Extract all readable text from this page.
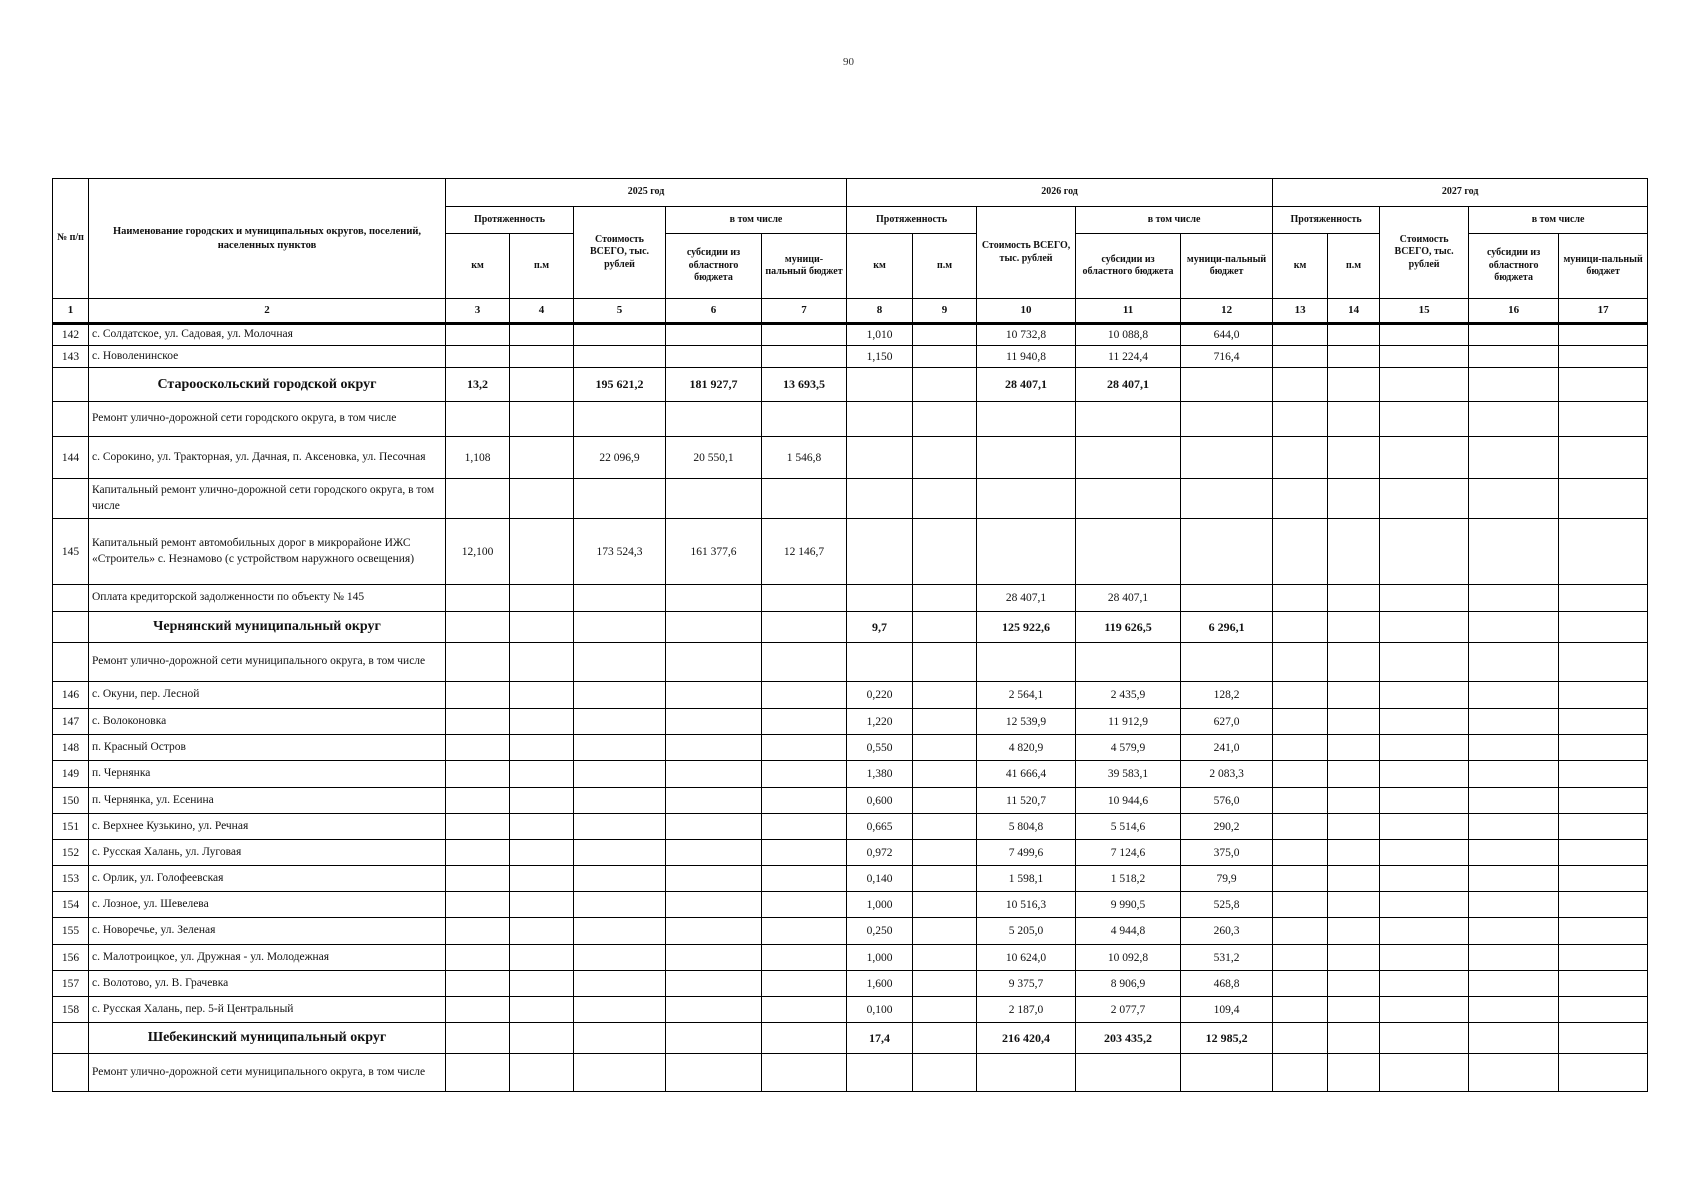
90
№ п/п	Наименование городских и муниципальных округов, поселений, населенных пунктов	2025 год					2026 год					2027 год				
		Протяженность		Стоимость ВСЕГО, тыс. рублей	в том числе		Протяженность		Стоимость ВСЕГО, тыс. рублей	в том числе		Протяженность		Стоимость ВСЕГО, тыс. рублей	в том числе	
		км	п.м		субсидии из областного бюджета	муници-пальный бюджет	км	п.м		субсидии из областного бюджета	муници-пальный бюджет	км	п.м		субсидии из областного бюджета	муници-пальный бюджет
1	2	3	4	5	6	7	8	9	10	11	12	13	14	15	16	17
142	с. Солдатское, ул. Садовая, ул. Молочная						1,010		10 732,8	10 088,8	644,0					
143	с. Новоленинское						1,150		11 940,8	11 224,4	716,4					
	Старооскольский городской округ	13,2		195 621,2	181 927,7	13 693,5			28 407,1	28 407,1						
	Ремонт улично-дорожной сети городского округа, в том числе															
144	с. Сорокино, ул. Тракторная, ул. Дачная, п. Аксеновка, ул. Песочная	1,108		22 096,9	20 550,1	1 546,8										
	Капитальный ремонт улично-дорожной сети городского округа, в том числе															
145	Капитальный ремонт автомобильных дорог в микрорайоне ИЖС «Строитель» с. Незнамово (с устройством наружного освещения)	12,100		173 524,3	161 377,6	12 146,7										
	Оплата кредиторской задолженности по объекту № 145								28 407,1	28 407,1						
	Чернянский муниципальный округ						9,7		125 922,6	119 626,5	6 296,1					
	Ремонт улично-дорожной сети муниципального округа, в том числе															
146	с. Окуни, пер. Лесной						0,220		2 564,1	2 435,9	128,2					
147	с. Волоконовка						1,220		12 539,9	11 912,9	627,0					
148	п. Красный Остров						0,550		4 820,9	4 579,9	241,0					
149	п. Чернянка						1,380		41 666,4	39 583,1	2 083,3					
150	п. Чернянка, ул. Есенина						0,600		11 520,7	10 944,6	576,0					
151	с. Верхнее Кузькино, ул. Речная						0,665		5 804,8	5 514,6	290,2					
152	с. Русская Халань, ул. Луговая						0,972		7 499,6	7 124,6	375,0					
153	с. Орлик, ул. Голофеевская						0,140		1 598,1	1 518,2	79,9					
154	с. Лозное, ул. Шевелева						1,000		10 516,3	9 990,5	525,8					
155	с. Новоречье, ул. Зеленая						0,250		5 205,0	4 944,8	260,3					
156	с. Малотроицкое, ул. Дружная - ул. Молодежная						1,000		10 624,0	10 092,8	531,2					
157	с. Волотово, ул. В. Грачевка						1,600		9 375,7	8 906,9	468,8					
158	с. Русская Халань, пер. 5-й Центральный						0,100		2 187,0	2 077,7	109,4					
	Шебекинский муниципальный округ						17,4		216 420,4	203 435,2	12 985,2					
	Ремонт улично-дорожной сети муниципального округа, в том числе															
